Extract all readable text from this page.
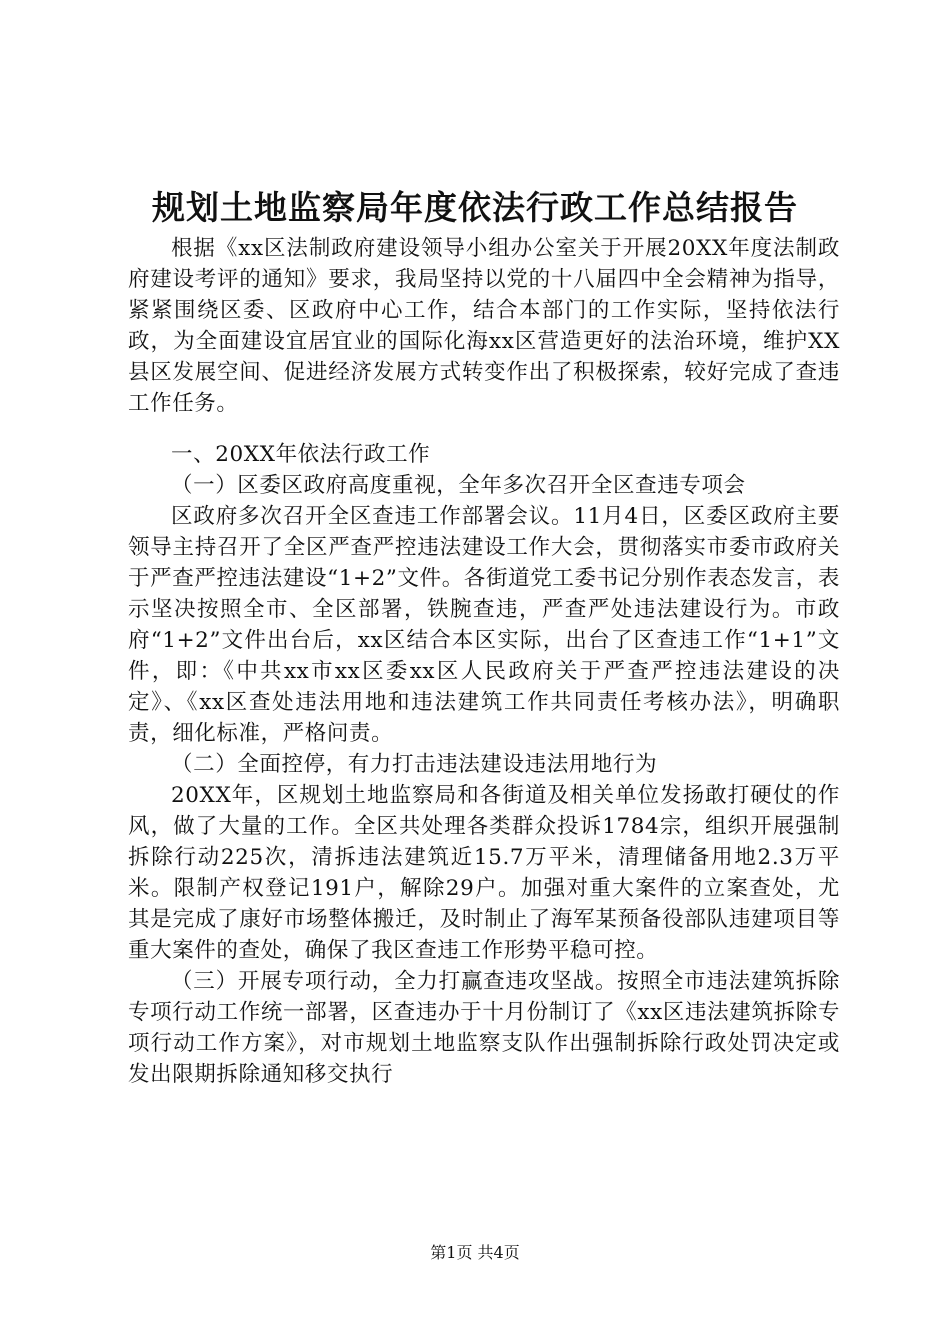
规划土地监察局年度依法行政工作总结报告

根据《xx区法制政府建设领导小组办公室关于开展20XX年度法制政府建设考评的通知》要求，我局坚持以党的十八届四中全会精神为指导，紧紧围绕区委、区政府中心工作，结合本部门的工作实际，坚持依法行政，为全面建设宜居宜业的国际化海xx区营造更好的法治环境，维护XX县区发展空间、促进经济发展方式转变作出了积极探索，较好完成了查违工作任务。

一、20XX年依法行政工作

（一）区委区政府高度重视，全年多次召开全区查违专项会

区政府多次召开全区查违工作部署会议。11月4日，区委区政府主要领导主持召开了全区严查严控违法建设工作大会，贯彻落实市委市政府关于严查严控违法建设“1+2”文件。各街道党工委书记分别作表态发言，表示坚决按照全市、全区部署，铁腕查违，严查严处违法建设行为。市政府“1+2”文件出台后，xx区结合本区实际，出台了区查违工作“1+1”文件，即：《中共xx市xx区委xx区人民政府关于严查严控违法建设的决定》、《xx区查处违法用地和违法建筑工作共同责任考核办法》，明确职责，细化标准，严格问责。

（二）全面控停，有力打击违法建设违法用地行为

20XX年，区规划土地监察局和各街道及相关单位发扬敢打硬仗的作风，做了大量的工作。全区共处理各类群众投诉1784宗，组织开展强制拆除行动225次，清拆违法建筑近15.7万平米，清理储备用地2.3万平米。限制产权登记191户，解除29户。加强对重大案件的立案查处，尤其是完成了康好市场整体搬迁，及时制止了海军某预备役部队违建项目等重大案件的查处，确保了我区查违工作形势平稳可控。

（三）开展专项行动，全力打赢查违攻坚战。按照全市违法建筑拆除专项行动工作统一部署，区查违办于十月份制订了《xx区违法建筑拆除专项行动工作方案》，对市规划土地监察支队作出强制拆除行政处罚决定或发出限期拆除通知移交执行

第1页 共4页
